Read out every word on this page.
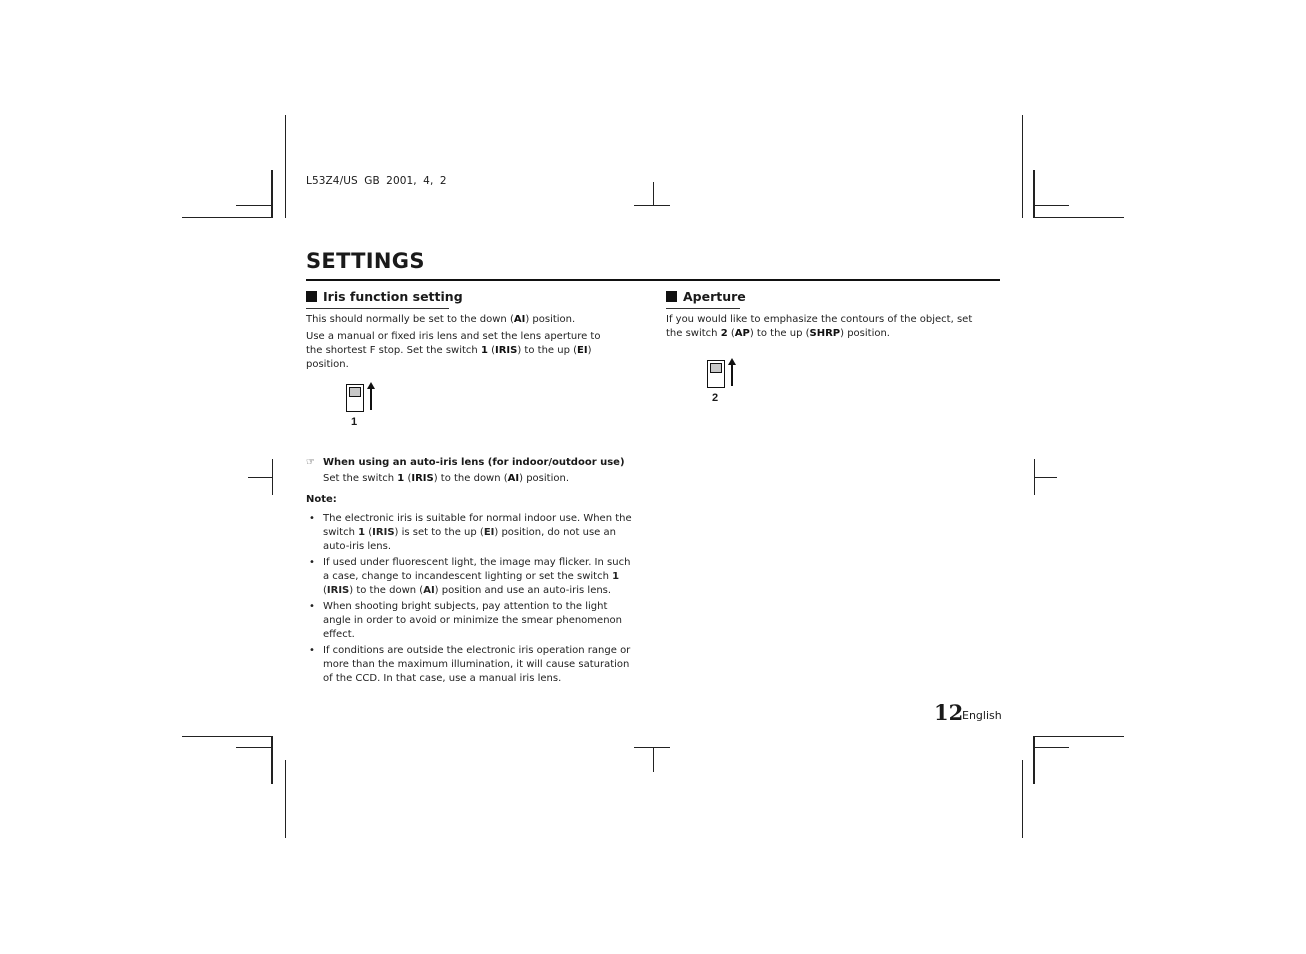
L53Z4/US GB 2001, 4, 2
SETTINGS
Iris function setting
This should normally be set to the down (AI) position.
Use a manual or fixed iris lens and set the lens aperture to the shortest F stop. Set the switch 1 (IRIS) to the up (EI) position.
1
☞ When using an auto-iris lens (for indoor/outdoor use)
Set the switch 1 (IRIS) to the down (AI) position.
Note:
• The electronic iris is suitable for normal indoor use. When the switch 1 (IRIS) is set to the up (EI) position, do not use an auto-iris lens.
• If used under fluorescent light, the image may flicker. In such a case, change to incandescent lighting or set the switch 1 (IRIS) to the down (AI) position and use an auto-iris lens.
• When shooting bright subjects, pay attention to the light angle in order to avoid or minimize the smear phenomenon effect.
• If conditions are outside the electronic iris operation range or more than the maximum illumination, it will cause saturation of the CCD. In that case, use a manual iris lens.
Aperture
If you would like to emphasize the contours of the object, set the switch 2 (AP) to the up (SHRP) position.
2
12
English
